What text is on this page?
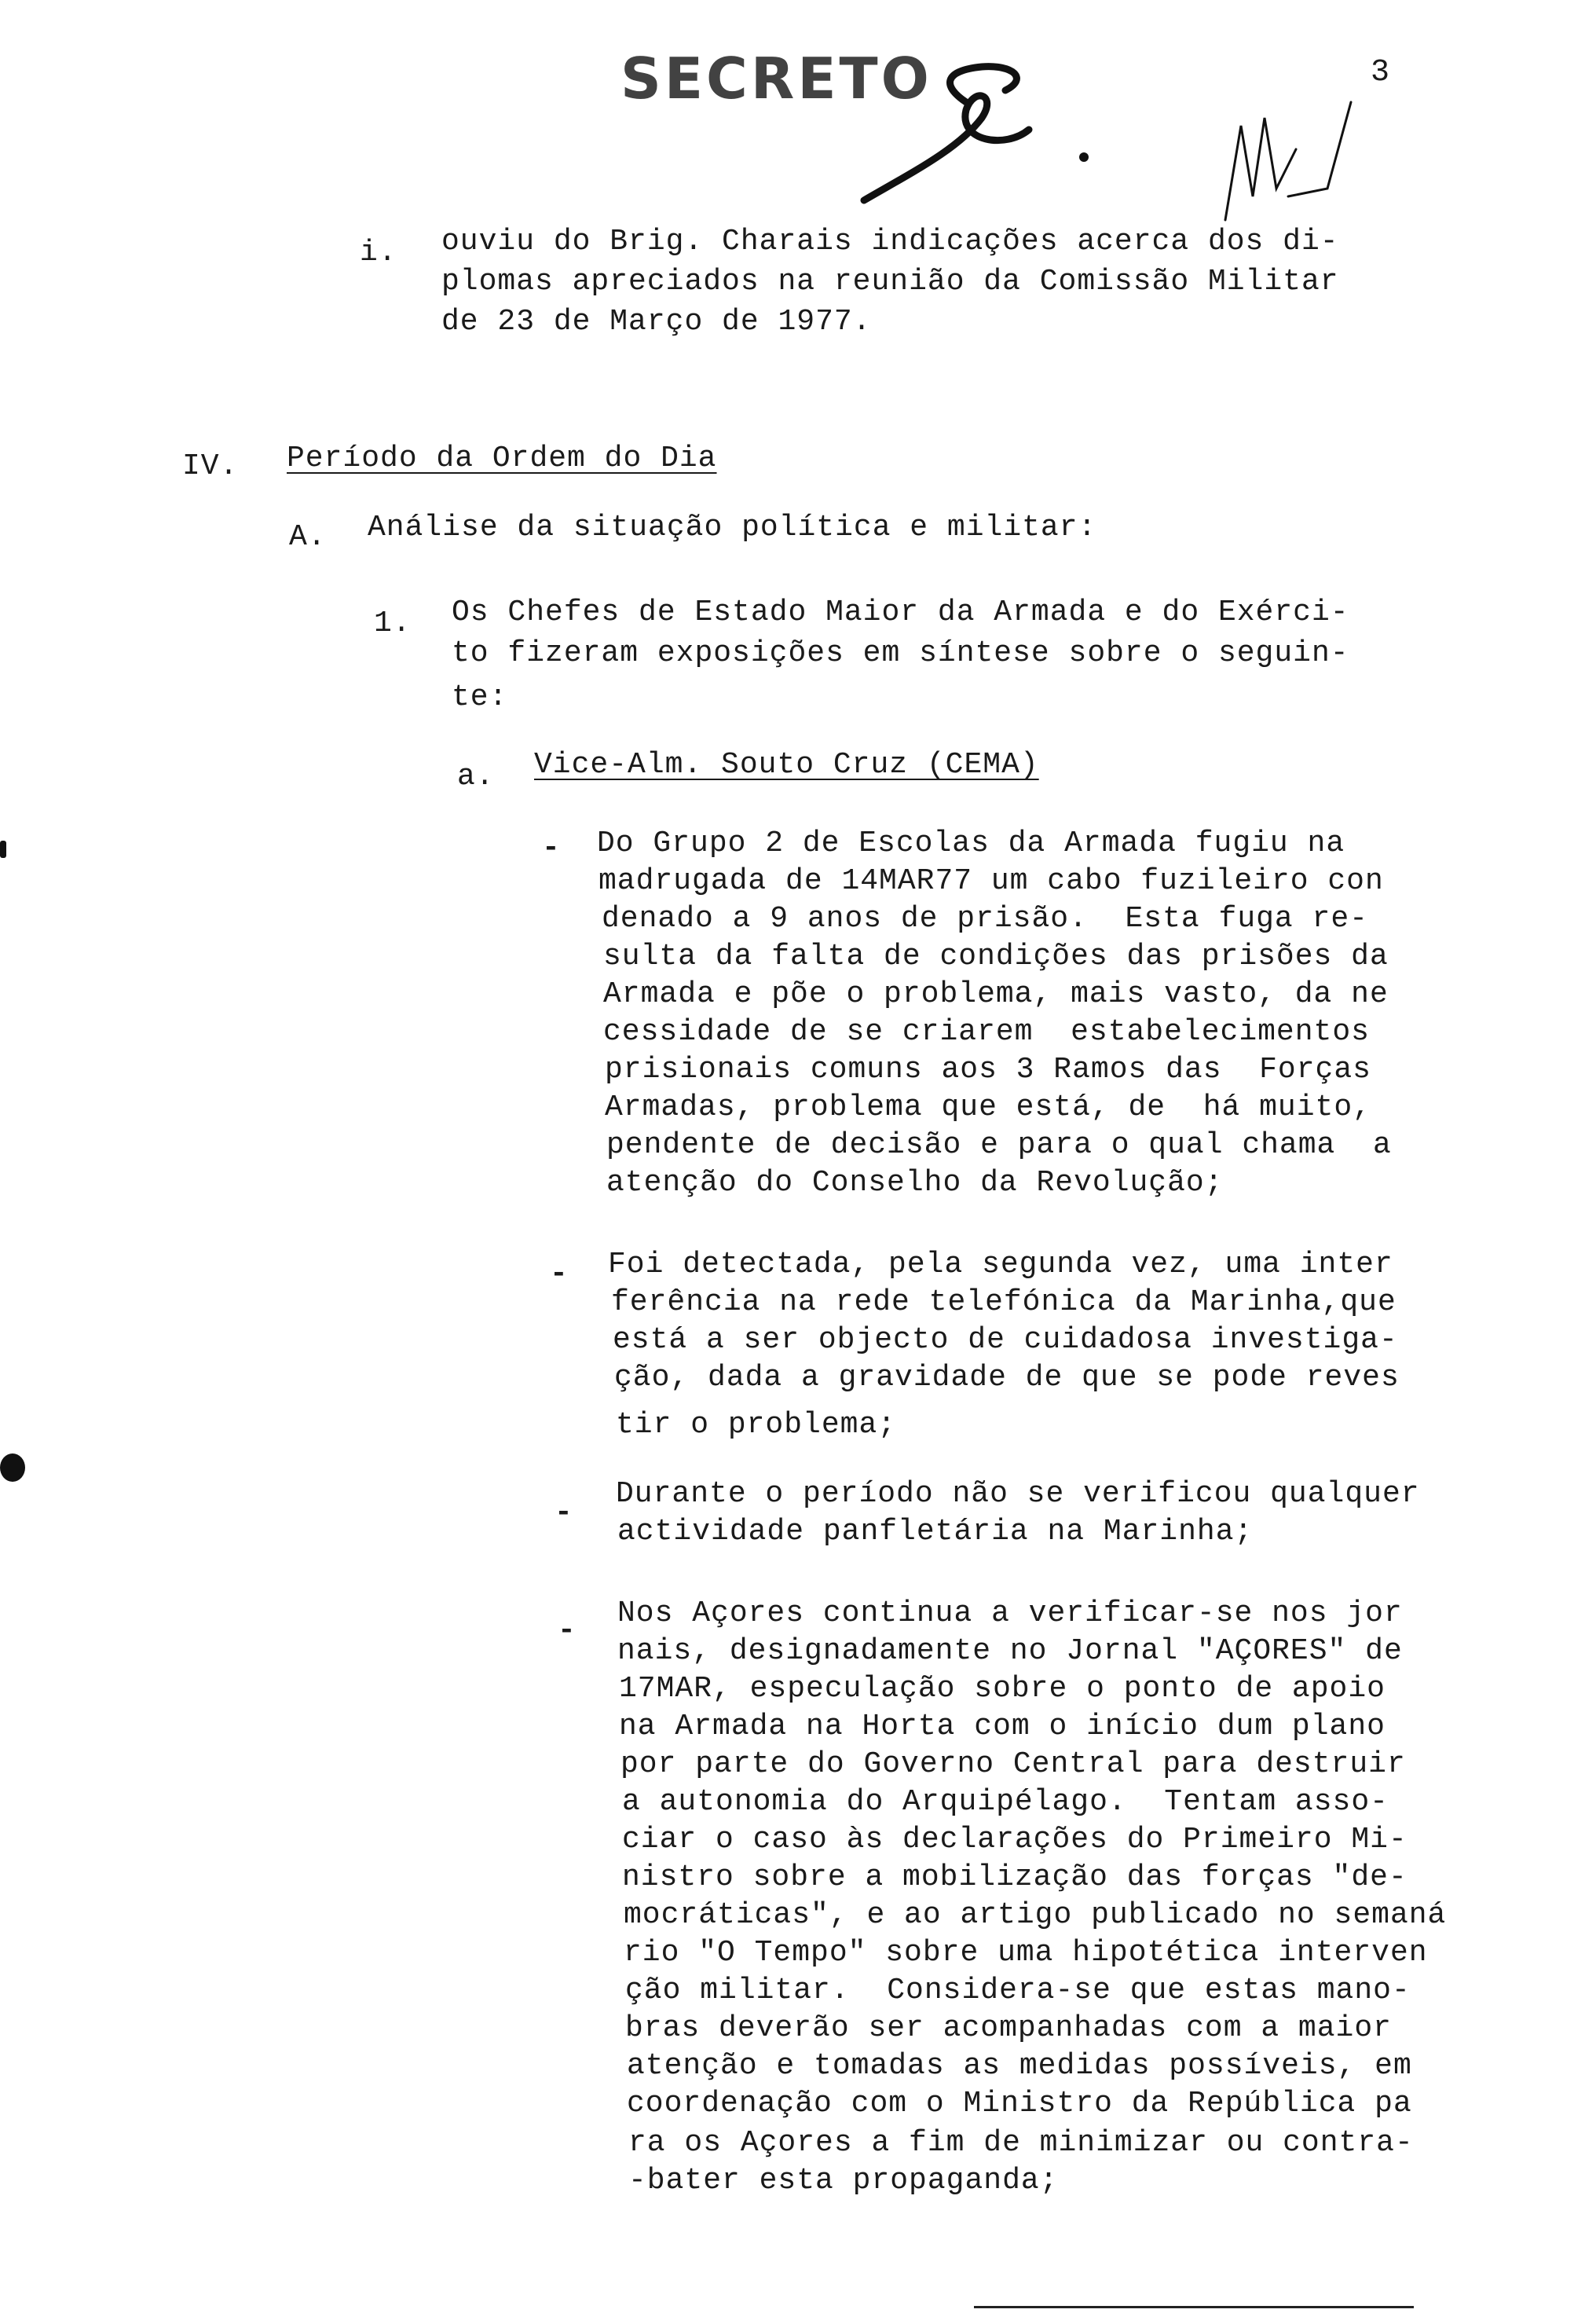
SECRETO	3
i. ouviu do Brig. Charais indicações acerca dos di-
plomas apreciados na reunião da Comissão Militar
de 23 de Março de 1977.
IV. Período da Ordem do Dia
A. Análise da situação política e militar:
1. Os Chefes de Estado Maior da Armada e do Exérci-
to fizeram exposições em síntese sobre o seguin-
te:
a. Vice-Alm. Souto Cruz (CEMA)
- Do Grupo 2 de Escolas da Armada fugiu na
madrugada de 14MAR77 um cabo fuzileiro con
denado a 9 anos de prisão.  Esta fuga re-
sulta da falta de condições das prisões da
Armada e põe o problema, mais vasto, da ne
cessidade de se criarem  estabelecimentos
prisionais comuns aos 3 Ramos das  Forças
Armadas, problema que está, de  há muito,
pendente de decisão e para o qual chama  a
atenção do Conselho da Revolução;
- Foi detectada, pela segunda vez, uma inter
ferência na rede telefónica da Marinha,que
está a ser objecto de cuidadosa investiga-
ção, dada a gravidade de que se pode reves
tir o problema;
-
Durante o período não se verificou qualquer
actividade panfletária na Marinha;
-
Nos Açores continua a verificar-se nos jor
nais, designadamente no Jornal "AÇORES" de
17MAR, especulação sobre o ponto de apoio
na Armada na Horta com o início dum plano
por parte do Governo Central para destruir
a autonomia do Arquipélago.  Tentam asso-
ciar o caso às declarações do Primeiro Mi-
nistro sobre a mobilização das forças "de-
mocráticas", e ao artigo publicado no semaná
rio "O Tempo" sobre uma hipotética interven
ção militar.  Considera-se que estas mano-
bras deverão ser acompanhadas com a maior
atenção e tomadas as medidas possíveis, em
coordenação com o Ministro da República pa
ra os Açores a fim de minimizar ou contra-
-bater esta propaganda;
